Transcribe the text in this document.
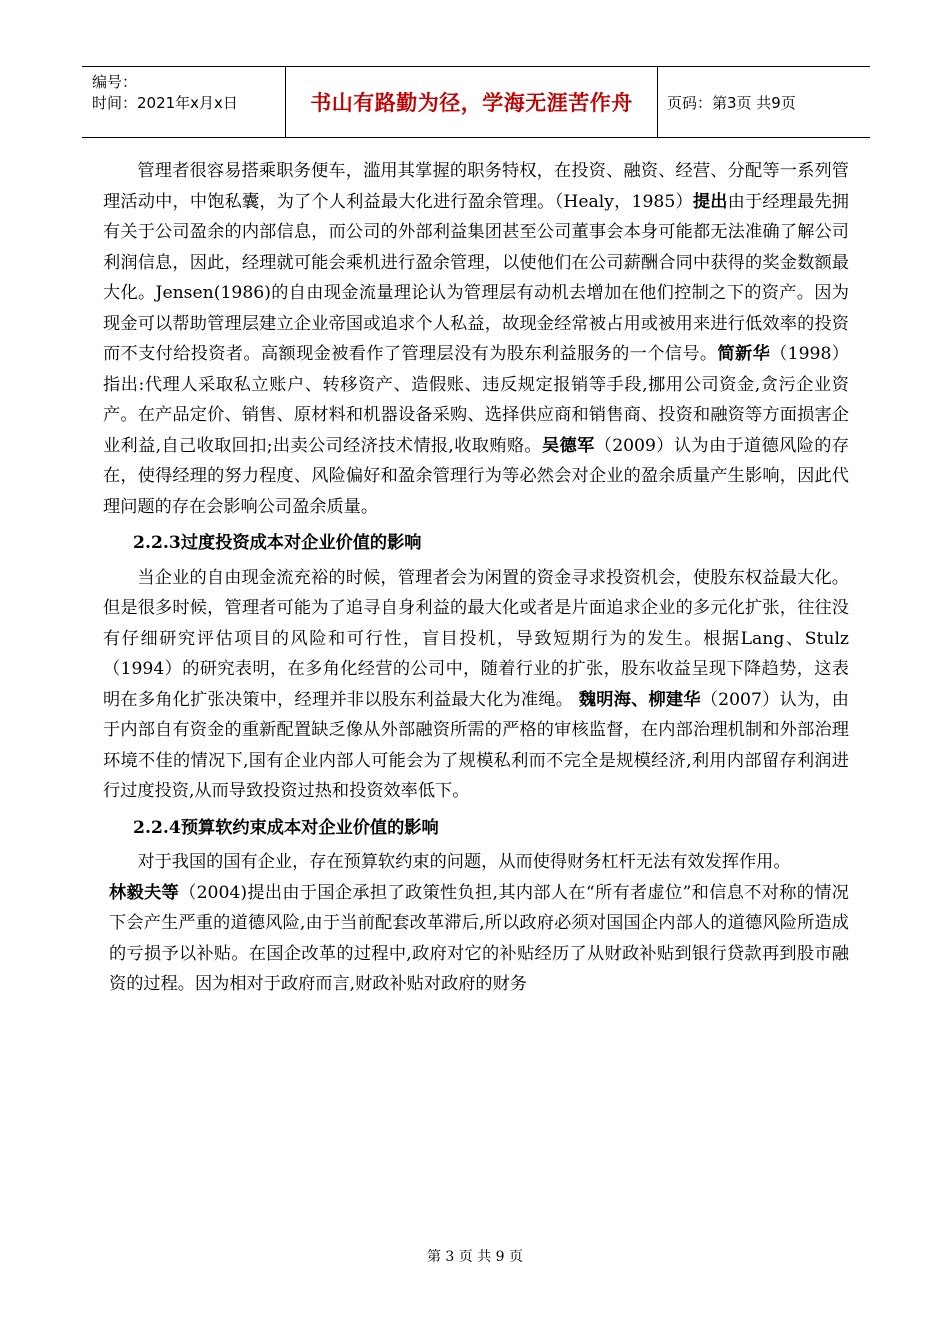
编号：
时间：2021年x月x日	书山有路勤为径，学海无涯苦作舟	页码：第3页 共9页

管理者很容易搭乘职务便车，滥用其掌握的职务特权，在投资、融资、经营、分配等一系列管理活动中，中饱私囊，为了个人利益最大化进行盈余管理。（Healy，1985）提出由于经理最先拥有关于公司盈余的内部信息，而公司的外部利益集团甚至公司董事会本身可能都无法准确了解公司利润信息，因此，经理就可能会乘机进行盈余管理，以使他们在公司薪酬合同中获得的奖金数额最大化。Jensen(1986)的自由现金流量理论认为管理层有动机去增加在他们控制之下的资产。因为现金可以帮助管理层建立企业帝国或追求个人私益，故现金经常被占用或被用来进行低效率的投资而不支付给投资者。高额现金被看作了管理层没有为股东利益服务的一个信号。简新华（1998）指出:代理人采取私立账户、转移资产、造假账、违反规定报销等手段,挪用公司资金,贪污企业资产。在产品定价、销售、原材料和机器设备采购、选择供应商和销售商、投资和融资等方面损害企业利益,自己收取回扣;出卖公司经济技术情报,收取贿赂。吴德军（2009）认为由于道德风险的存在，使得经理的努力程度、风险偏好和盈余管理行为等必然会对企业的盈余质量产生影响，因此代理问题的存在会影响公司盈余质量。

2.2.3过度投资成本对企业价值的影响

当企业的自由现金流充裕的时候，管理者会为闲置的资金寻求投资机会，使股东权益最大化。但是很多时候，管理者可能为了追寻自身利益的最大化或者是片面追求企业的多元化扩张，往往没有仔细研究评估项目的风险和可行性，盲目投机，导致短期行为的发生。根据Lang、Stulz（1994）的研究表明，在多角化经营的公司中，随着行业的扩张，股东收益呈现下降趋势，这表明在多角化扩张决策中，经理并非以股东利益最大化为准绳。 魏明海、柳建华（2007）认为，由于内部自有资金的重新配置缺乏像从外部融资所需的严格的审核监督，在内部治理机制和外部治理环境不佳的情况下,国有企业内部人可能会为了规模私利而不完全是规模经济,利用内部留存利润进行过度投资,从而导致投资过热和投资效率低下。

2.2.4预算软约束成本对企业价值的影响

对于我国的国有企业，存在预算软约束的问题，从而使得财务杠杆无法有效发挥作用。

林毅夫等（2004)提出由于国企承担了政策性负担,其内部人在“所有者虚位”和信息不对称的情况下会产生严重的道德风险,由于当前配套改革滞后,所以政府必须对国国企内部人的道德风险所造成的亏损予以补贴。在国企改革的过程中,政府对它的补贴经历了从财政补贴到银行贷款再到股市融资的过程。因为相对于政府而言,财政补贴对政府的财务

第 3 页 共 9 页
